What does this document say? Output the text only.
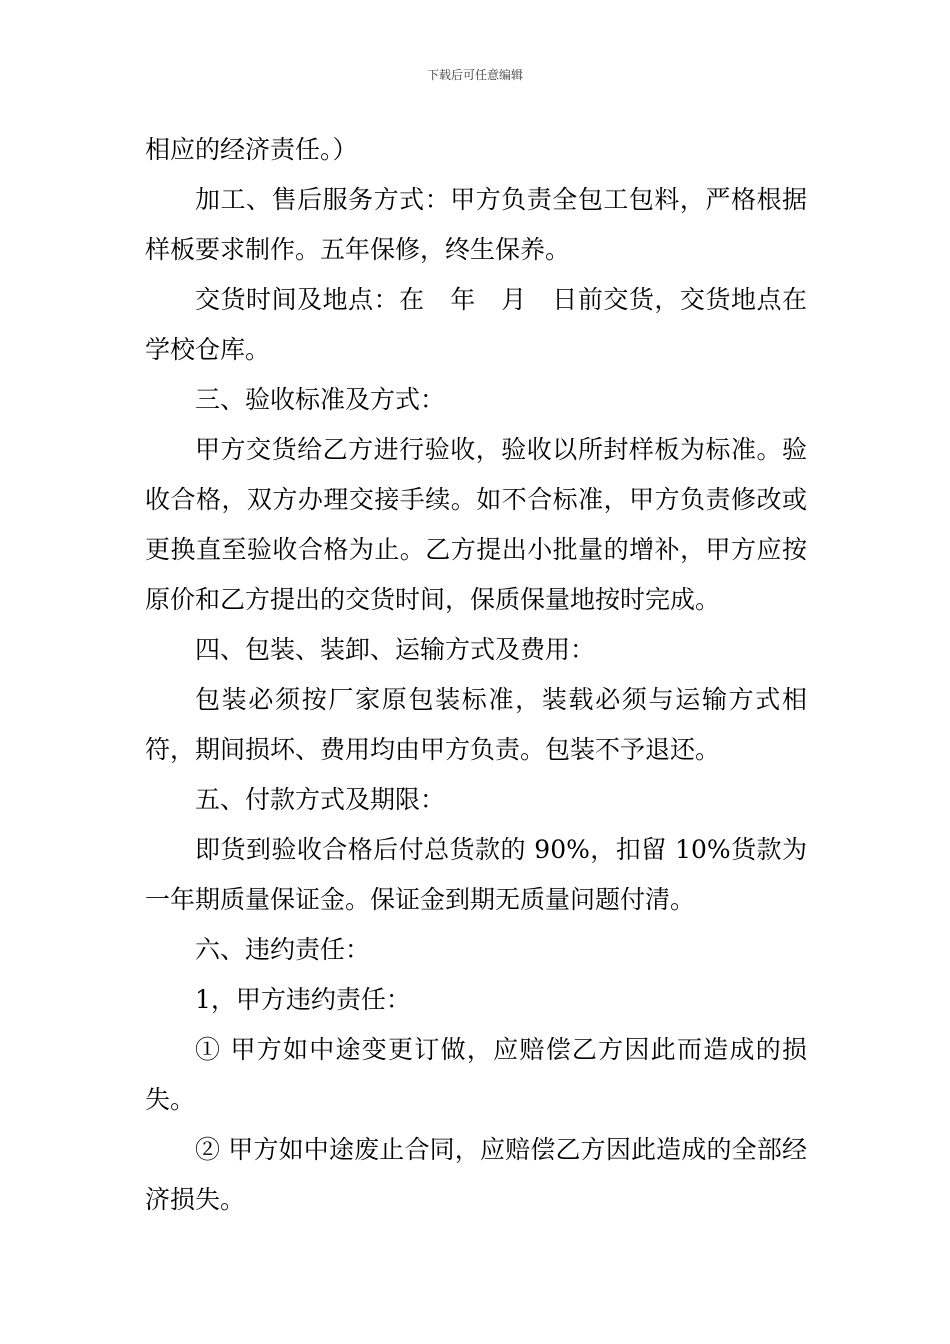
下载后可任意编辑

相应的经济责任。）

加工、售后服务方式：甲方负责全包工包料，严格根据样板要求制作。五年保修，终生保养。

交货时间及地点：在　年　月　日前交货，交货地点在学校仓库。

三、验收标准及方式：

甲方交货给乙方进行验收，验收以所封样板为标准。验收合格，双方办理交接手续。如不合标准，甲方负责修改或更换直至验收合格为止。乙方提出小批量的增补，甲方应按原价和乙方提出的交货时间，保质保量地按时完成。

四、包装、装卸、运输方式及费用：

包装必须按厂家原包装标准，装载必须与运输方式相符，期间损坏、费用均由甲方负责。包装不予退还。

五、付款方式及期限：

即货到验收合格后付总货款的 90%，扣留 10%货款为一年期质量保证金。保证金到期无质量问题付清。

六、违约责任：

1，甲方违约责任：

① 甲方如中途变更订做，应赔偿乙方因此而造成的损失。

② 甲方如中途废止合同，应赔偿乙方因此造成的全部经济损失。
